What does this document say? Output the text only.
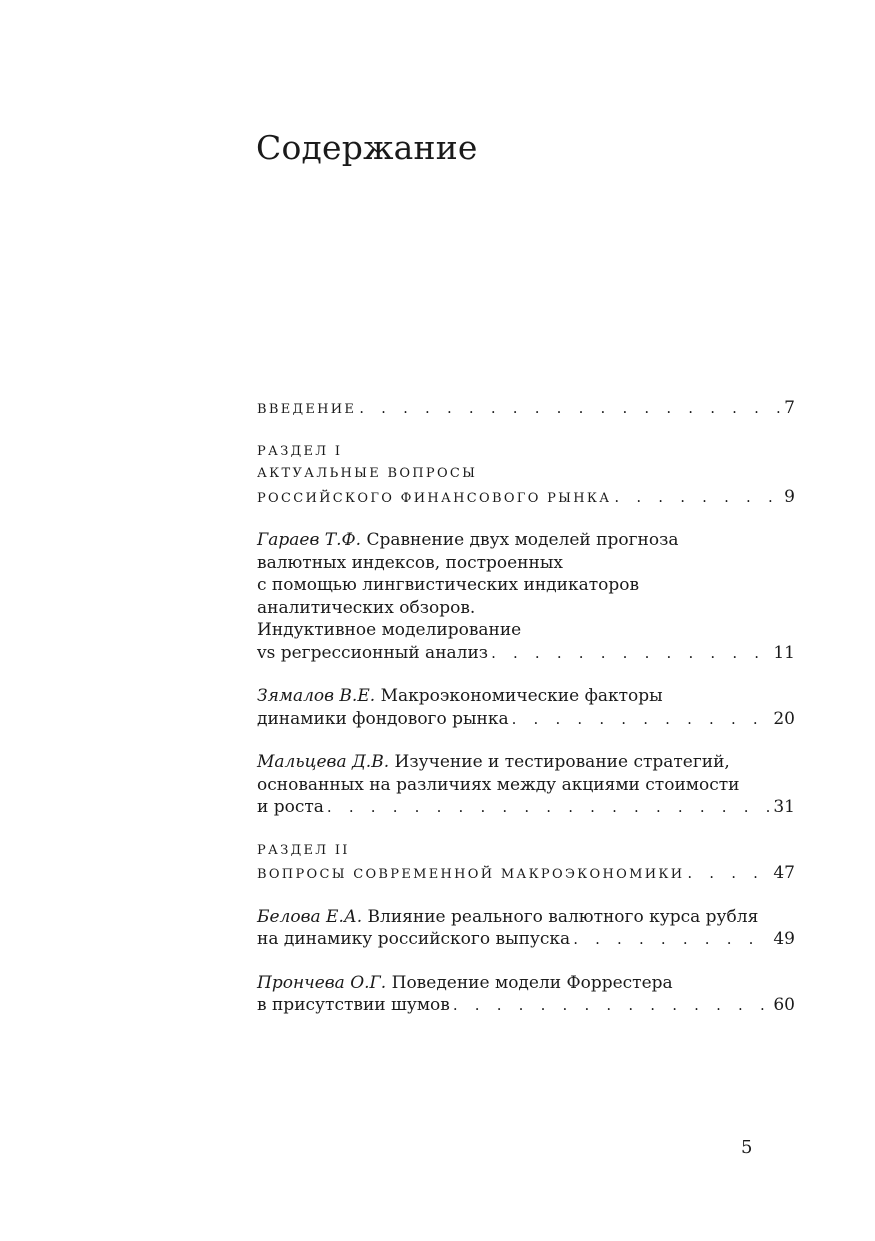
Содержание
ВВЕДЕНИЕ . . .	7
РАЗДЕЛ I
АКТУАЛЬНЫЕ ВОПРОСЫ
РОССИЙСКОГО ФИНАНСОВОГО РЫНКА . . .	9
Гараев Т.Ф. Сравнение двух моделей прогноза
валютных индексов, построенных
с помощью лингвистических индикаторов
аналитических обзоров.
Индуктивное моделирование
vs регрессионный анализ . . .	11
Зямалов В.Е. Макроэкономические факторы
динамики фондового рынка . . .	20
Мальцева Д.В. Изучение и тестирование стратегий,
основанных на различиях между акциями стоимости
и роста . . .	31
РАЗДЕЛ II
ВОПРОСЫ СОВРЕМЕННОЙ МАКРОЭКОНОМИКИ . . .	47
Белова Е.А. Влияние реального валютного курса рубля
на динамику российского выпуска . . .	49
Прончева О.Г. Поведение модели Форрестера
в присутствии шумов . . .	60
5
